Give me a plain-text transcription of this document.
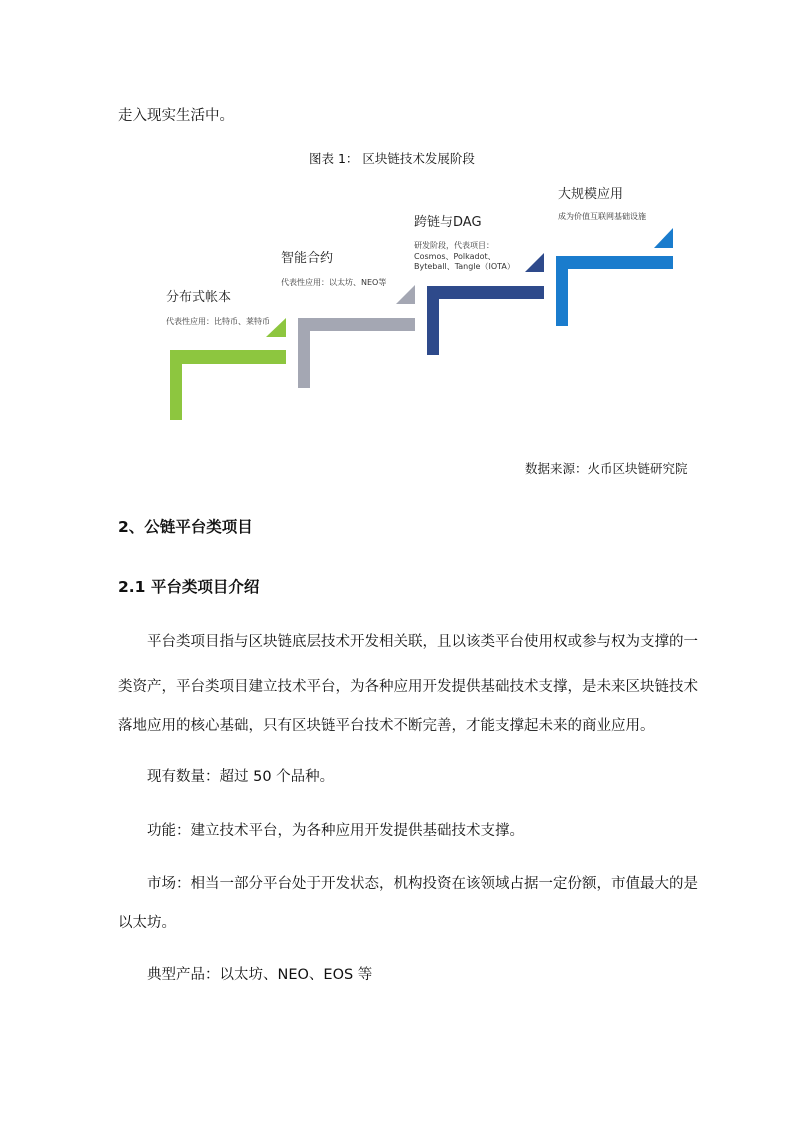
走入现实生活中。
图表 1： 区块链技术发展阶段
分布式帐本
代表性应用：比特币、莱特币
智能合约
代表性应用：以太坊、NEO等
跨链与DAG
研发阶段，代表项目：
Cosmos、Polkadot、
Byteball、Tangle（IOTA）
大规模应用
成为价值互联网基础设施
数据来源：火币区块链研究院
2、公链平台类项目
2.1 平台类项目介绍
平台类项目指与区块链底层技术开发相关联，且以该类平台使用权或参与权为支撑的一
类资产，平台类项目建立技术平台，为各种应用开发提供基础技术支撑，是未来区块链技术
落地应用的核心基础，只有区块链平台技术不断完善，才能支撑起未来的商业应用。
现有数量：超过 50 个品种。
功能：建立技术平台，为各种应用开发提供基础技术支撑。
市场：相当一部分平台处于开发状态，机构投资在该领域占据一定份额，市值最大的是
以太坊。
典型产品：以太坊、NEO、EOS 等
